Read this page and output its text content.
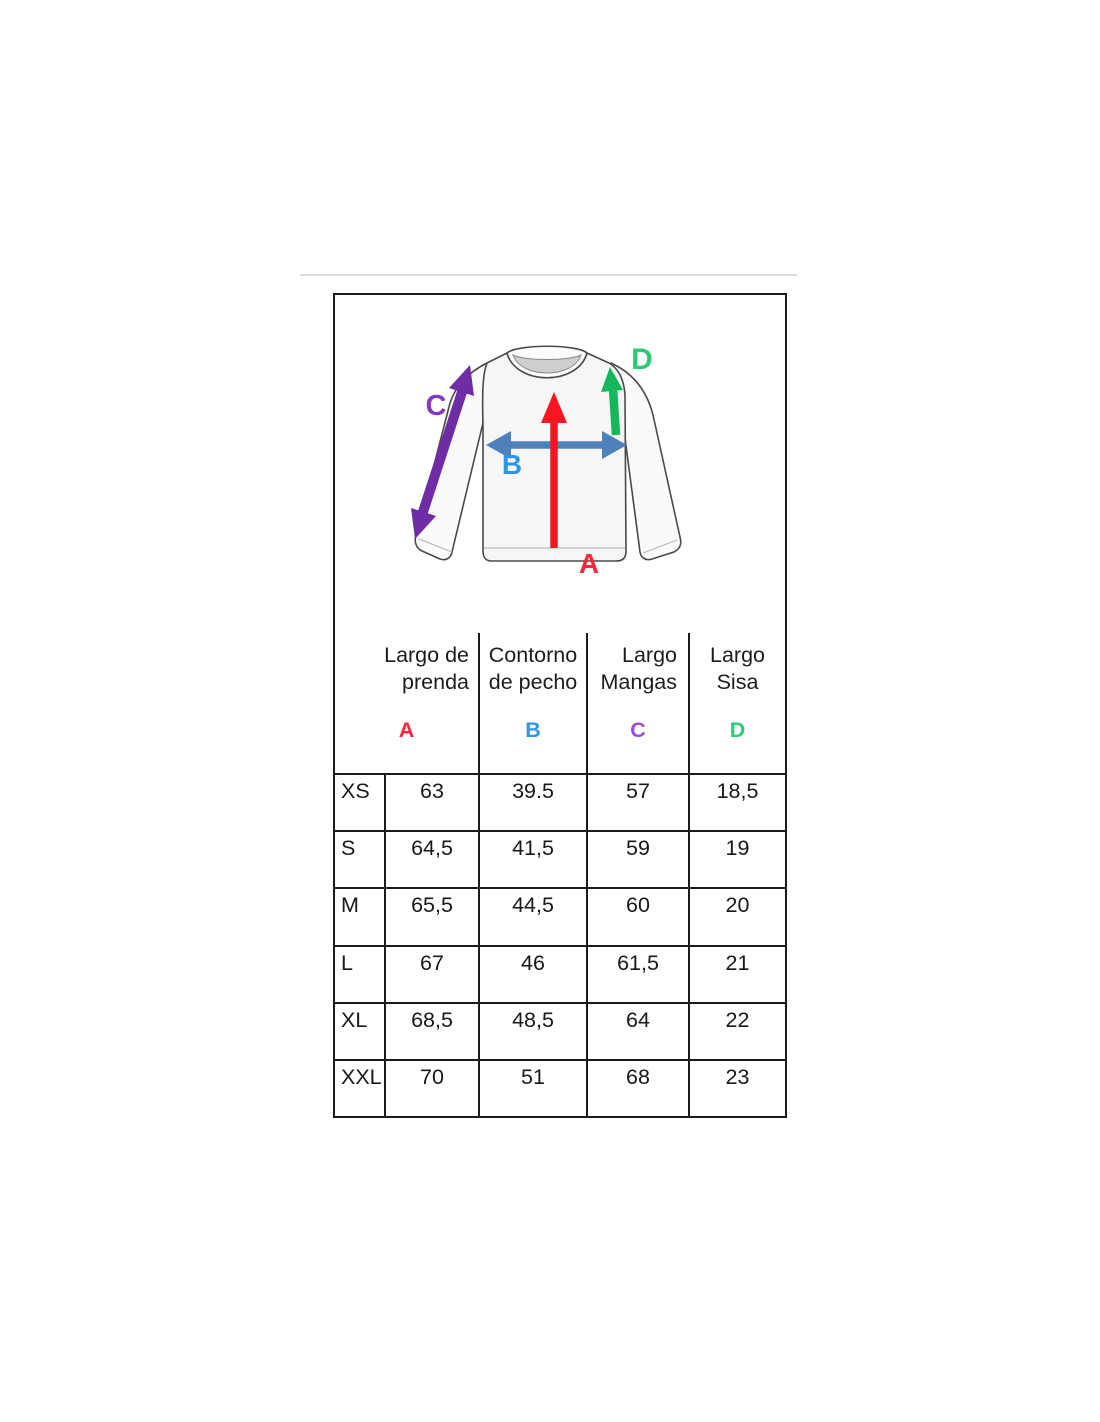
C
D
B
A
Largo de
prenda
A
Contorno
de pecho
B
Largo
Mangas
C
Largo
Sisa
D
XS	63	39.5	57	18,5
S	64,5	41,5	59	19
M	65,5	44,5	60	20
L	67	46	61,5	21
XL	68,5	48,5	64	22
XXL	70	51	68	23
